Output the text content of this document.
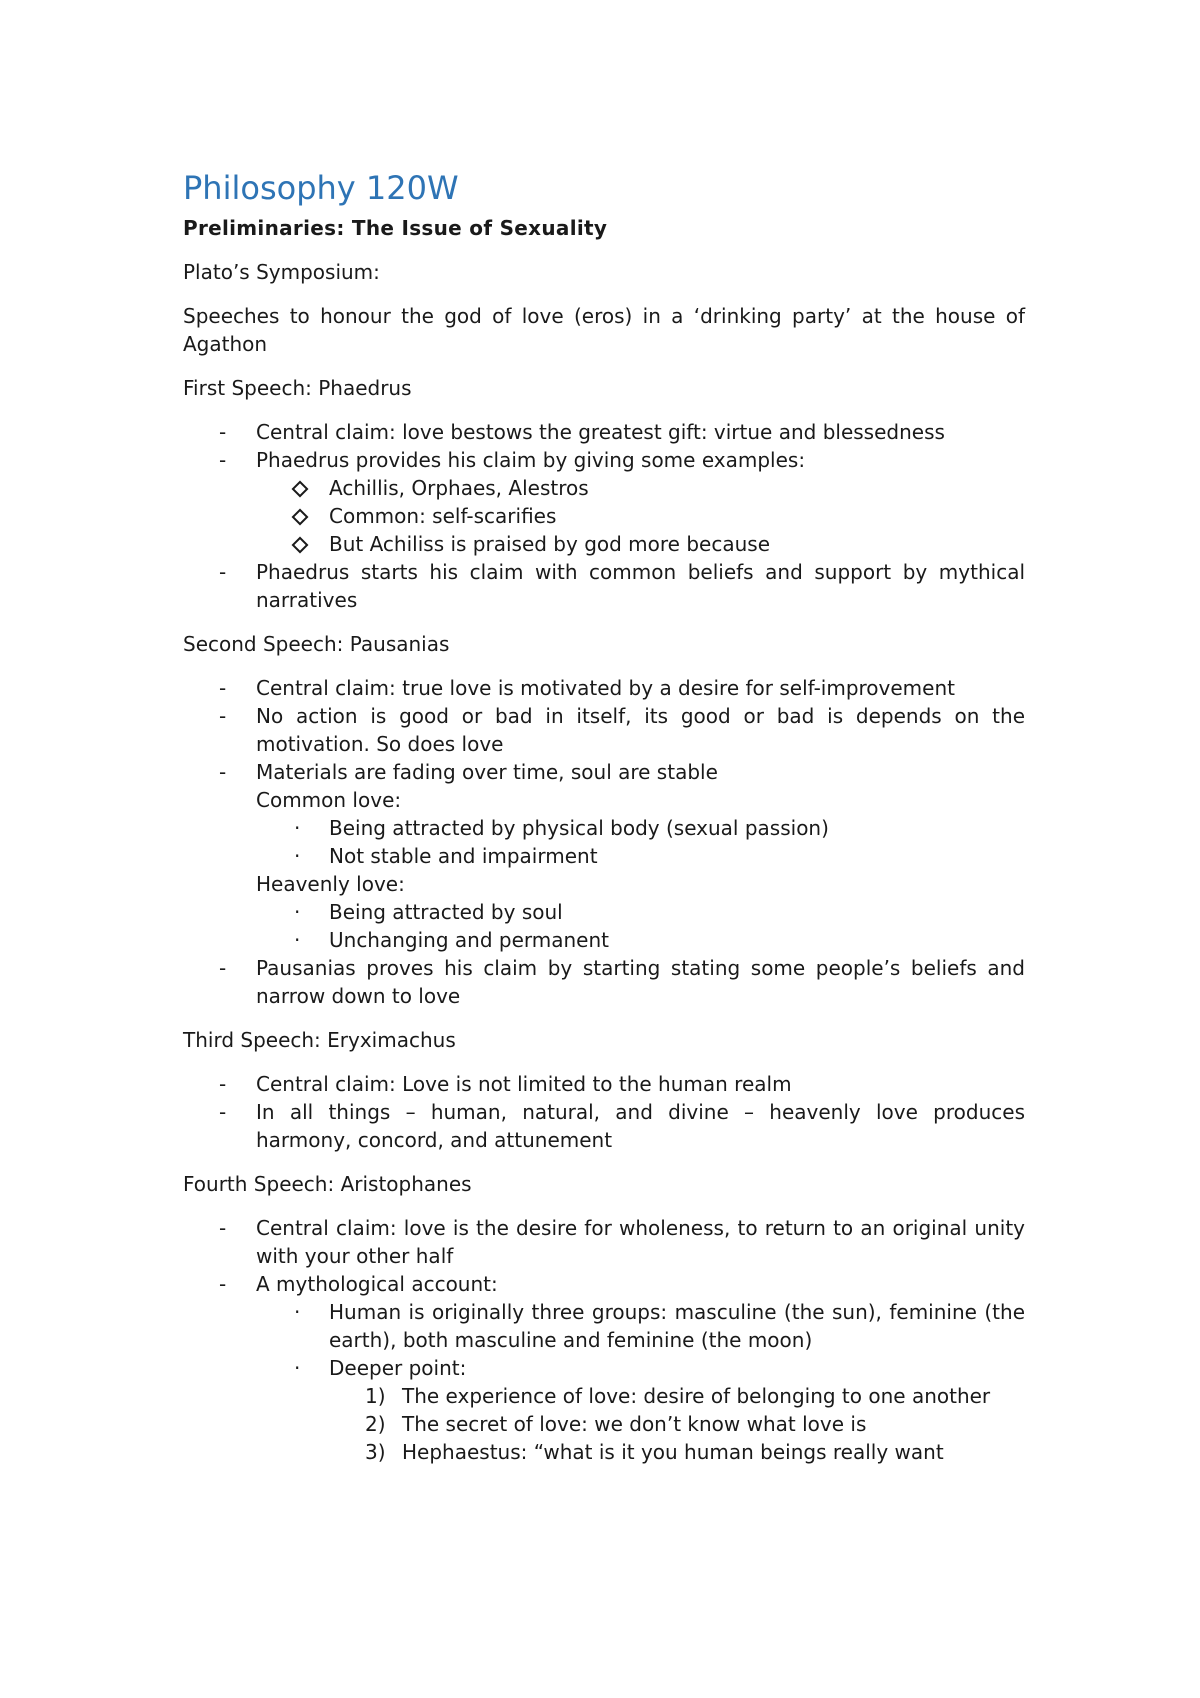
Philosophy 120W
Preliminaries: The Issue of Sexuality

Plato’s Symposium:

Speeches to honour the god of love (eros) in a ‘drinking party’ at the house of Agathon

First Speech: Phaedrus

-	Central claim: love bestows the greatest gift: virtue and blessedness
-	Phaedrus provides his claim by giving some examples:
Achillis, Orphaes, Alestros
Common: self-scarifies
But Achiliss is praised by god more because
-	Phaedrus starts his claim with common beliefs and support by mythical narratives

Second Speech: Pausanias

-	Central claim: true love is motivated by a desire for self-improvement
-	No action is good or bad in itself, its good or bad is depends on the motivation. So does love
-	Materials are fading over time, soul are stable
Common love:
·	Being attracted by physical body (sexual passion)
·	Not stable and impairment
Heavenly love:
·	Being attracted by soul
·	Unchanging and permanent
-	Pausanias proves his claim by starting stating some people’s beliefs and narrow down to love

Third Speech: Eryximachus

-	Central claim: Love is not limited to the human realm
-	In all things – human, natural, and divine – heavenly love produces harmony, concord, and attunement

Fourth Speech: Aristophanes

-	Central claim: love is the desire for wholeness, to return to an original unity with your other half
-	A mythological account:
·	Human is originally three groups: masculine (the sun), feminine (the earth), both masculine and feminine (the moon)
·	Deeper point:
1) The experience of love: desire of belonging to one another
2) The secret of love: we don’t know what love is
3) Hephaestus: “what is it you human beings really want
